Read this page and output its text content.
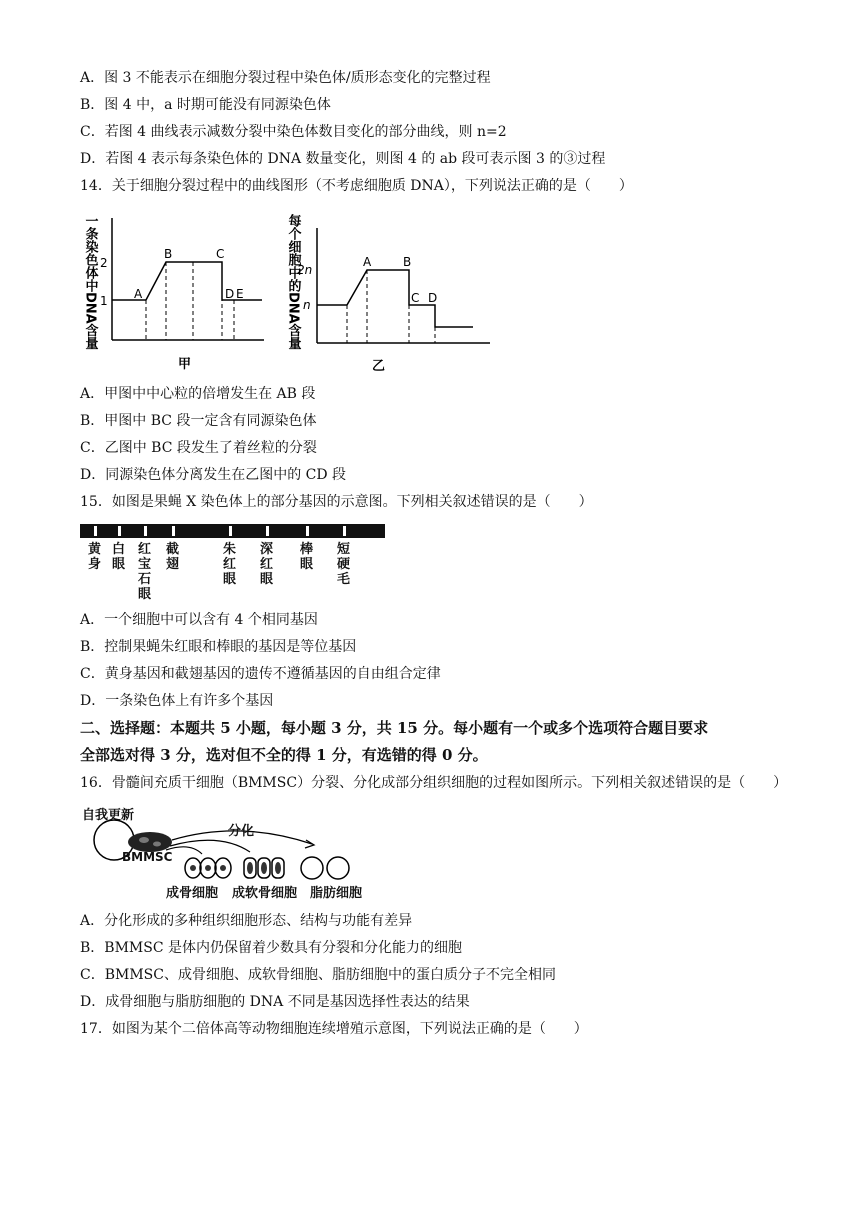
A．图 3 不能表示在细胞分裂过程中染色体/质形态变化的完整过程
B．图 4 中，a 时期可能没有同源染色体
C．若图 4 曲线表示减数分裂中染色体数目变化的部分曲线，则 n=2
D．若图 4 表示每条染色体的 DNA 数量变化，则图 4 的 ab 段可表示图 3 的③过程
14．关于细胞分裂过程中的曲线图形（不考虑细胞质 DNA），下列说法正确的是（　　）
一条染色体中DNA含量 2
1 A
B	C
D E
甲
每个细胞中的DNA含量
2n
n
A	B
C D
乙
A．甲图中中心粒的倍增发生在 AB 段
B．甲图中 BC 段一定含有同源染色体
C．乙图中 BC 段发生了着丝粒的分裂
D．同源染色体分离发生在乙图中的 CD 段
15．如图是果蝇 X 染色体上的部分基因的示意图。下列相关叙述错误的是（　　）
黄身
白眼
红宝石眼
截翅
朱红眼
深红眼
棒眼
短硬毛
A．一个细胞中可以含有 4 个相同基因
B．控制果蝇朱红眼和棒眼的基因是等位基因
C．黄身基因和截翅基因的遗传不遵循基因的自由组合定律
D．一条染色体上有许多个基因
二、选择题：本题共 5 小题，每小题 3 分，共 15 分。每小题有一个或多个选项符合题目要求
全部选对得 3 分，选对但不全的得 1 分，有选错的得 0 分。
16．骨髓间充质干细胞（BMMSC）分裂、分化成部分组织细胞的过程如图所示。下列相关叙述错误的是（　　）
自我更新
分化
BMMSC
成骨细胞 成软骨细胞 脂肪细胞
A．分化形成的多种组织细胞形态、结构与功能有差异
B．BMMSC 是体内仍保留着少数具有分裂和分化能力的细胞
C．BMMSC、成骨细胞、成软骨细胞、脂肪细胞中的蛋白质分子不完全相同
D．成骨细胞与脂肪细胞的 DNA 不同是基因选择性表达的结果
17．如图为某个二倍体高等动物细胞连续增殖示意图，下列说法正确的是（　　）
